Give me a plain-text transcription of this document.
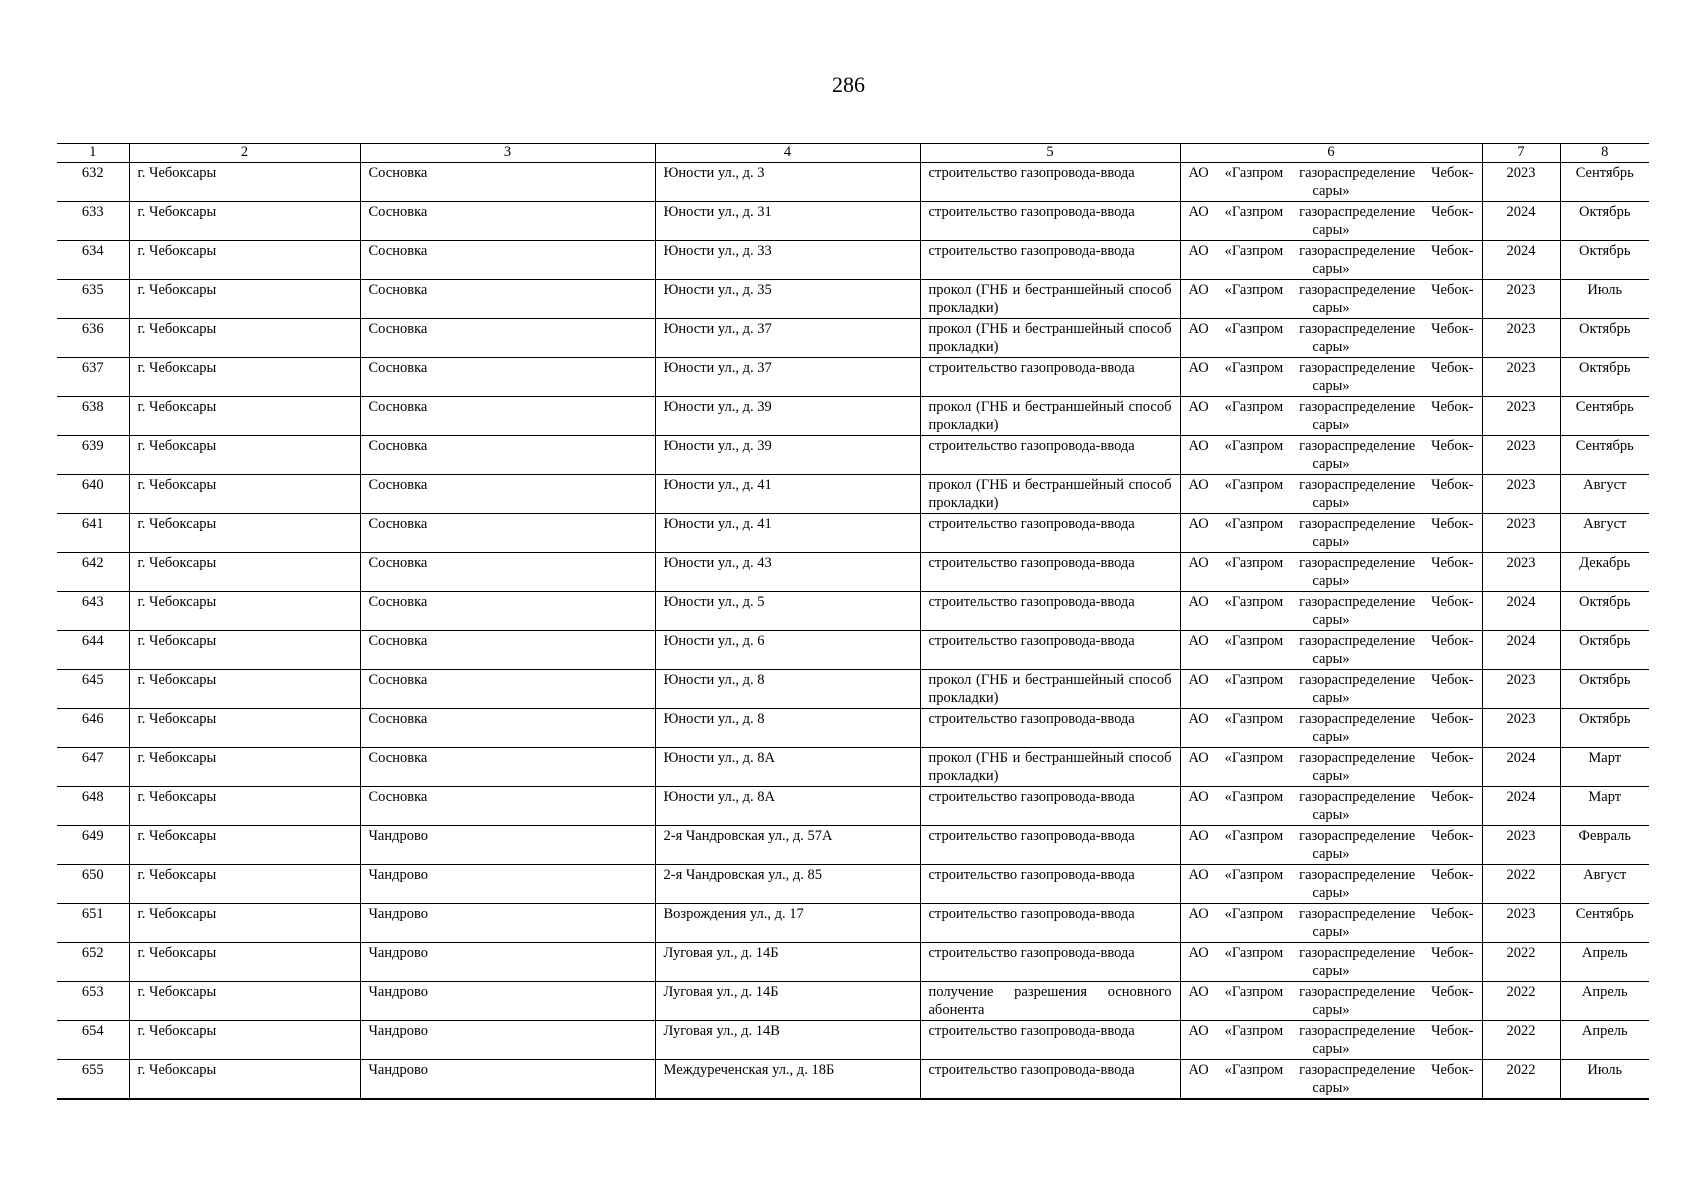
286
1	2	3	4	5	6	7	8
632	г. Чебоксары	Сосновка	Юности ул., д. 3	строительство газопровода-ввода	АО «Газпром газораспределение Чебок-сары»	2023	Сентябрь
633	г. Чебоксары	Сосновка	Юности ул., д. 31	строительство газопровода-ввода	АО «Газпром газораспределение Чебок-сары»	2024	Октябрь
634	г. Чебоксары	Сосновка	Юности ул., д. 33	строительство газопровода-ввода	АО «Газпром газораспределение Чебок-сары»	2024	Октябрь
635	г. Чебоксары	Сосновка	Юности ул., д. 35	прокол (ГНБ и бестраншейный способ прокладки)	АО «Газпром газораспределение Чебок-сары»	2023	Июль
636	г. Чебоксары	Сосновка	Юности ул., д. 37	прокол (ГНБ и бестраншейный способ прокладки)	АО «Газпром газораспределение Чебок-сары»	2023	Октябрь
637	г. Чебоксары	Сосновка	Юности ул., д. 37	строительство газопровода-ввода	АО «Газпром газораспределение Чебок-сары»	2023	Октябрь
638	г. Чебоксары	Сосновка	Юности ул., д. 39	прокол (ГНБ и бестраншейный способ прокладки)	АО «Газпром газораспределение Чебок-сары»	2023	Сентябрь
639	г. Чебоксары	Сосновка	Юности ул., д. 39	строительство газопровода-ввода	АО «Газпром газораспределение Чебок-сары»	2023	Сентябрь
640	г. Чебоксары	Сосновка	Юности ул., д. 41	прокол (ГНБ и бестраншейный способ прокладки)	АО «Газпром газораспределение Чебок-сары»	2023	Август
641	г. Чебоксары	Сосновка	Юности ул., д. 41	строительство газопровода-ввода	АО «Газпром газораспределение Чебок-сары»	2023	Август
642	г. Чебоксары	Сосновка	Юности ул., д. 43	строительство газопровода-ввода	АО «Газпром газораспределение Чебок-сары»	2023	Декабрь
643	г. Чебоксары	Сосновка	Юности ул., д. 5	строительство газопровода-ввода	АО «Газпром газораспределение Чебок-сары»	2024	Октябрь
644	г. Чебоксары	Сосновка	Юности ул., д. 6	строительство газопровода-ввода	АО «Газпром газораспределение Чебок-сары»	2024	Октябрь
645	г. Чебоксары	Сосновка	Юности ул., д. 8	прокол (ГНБ и бестраншейный способ прокладки)	АО «Газпром газораспределение Чебок-сары»	2023	Октябрь
646	г. Чебоксары	Сосновка	Юности ул., д. 8	строительство газопровода-ввода	АО «Газпром газораспределение Чебок-сары»	2023	Октябрь
647	г. Чебоксары	Сосновка	Юности ул., д. 8А	прокол (ГНБ и бестраншейный способ прокладки)	АО «Газпром газораспределение Чебок-сары»	2024	Март
648	г. Чебоксары	Сосновка	Юности ул., д. 8А	строительство газопровода-ввода	АО «Газпром газораспределение Чебок-сары»	2024	Март
649	г. Чебоксары	Чандрово	2-я Чандровская ул., д. 57А	строительство газопровода-ввода	АО «Газпром газораспределение Чебок-сары»	2023	Февраль
650	г. Чебоксары	Чандрово	2-я Чандровская ул., д. 85	строительство газопровода-ввода	АО «Газпром газораспределение Чебок-сары»	2022	Август
651	г. Чебоксары	Чандрово	Возрождения ул., д. 17	строительство газопровода-ввода	АО «Газпром газораспределение Чебок-сары»	2023	Сентябрь
652	г. Чебоксары	Чандрово	Луговая ул., д. 14Б	строительство газопровода-ввода	АО «Газпром газораспределение Чебок-сары»	2022	Апрель
653	г. Чебоксары	Чандрово	Луговая ул., д. 14Б	получение разрешения основного абонента	АО «Газпром газораспределение Чебок-сары»	2022	Апрель
654	г. Чебоксары	Чандрово	Луговая ул., д. 14В	строительство газопровода-ввода	АО «Газпром газораспределение Чебок-сары»	2022	Апрель
655	г. Чебоксары	Чандрово	Междуреченская ул., д. 18Б	строительство газопровода-ввода	АО «Газпром газораспределение Чебок-сары»	2022	Июль
